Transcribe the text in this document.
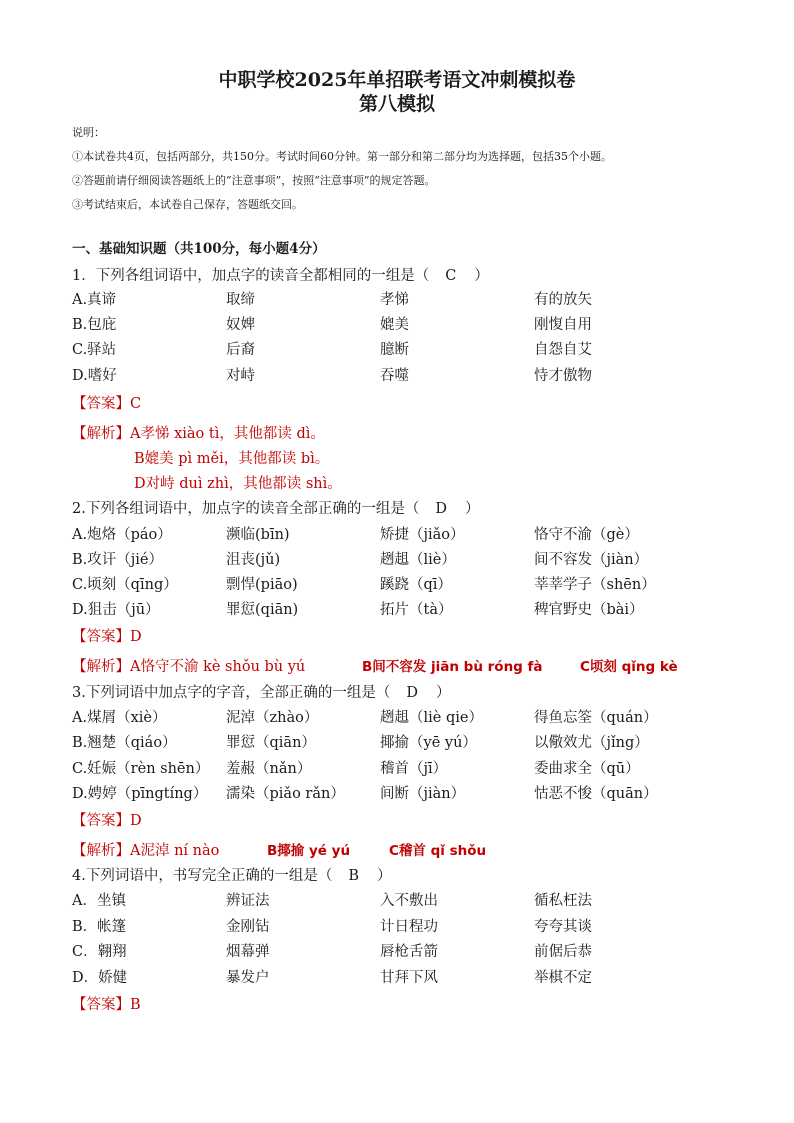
中职学校2025年单招联考语文冲刺模拟卷
第八模拟
说明：
①本试卷共4页，包括两部分，共150分。考试时间60分钟。第一部分和第二部分均为选择题，包括35个小题。
②答题前请仔细阅读答题纸上的“注意事项”，按照“注意事项”的规定答题。
③考试结束后，本试卷自己保存，答题纸交回。
一、基础知识题（共100分，每小题4分）
1．下列各组词语中，加点字的读音全都相同的一组是（ C ）
A.真谛	取缔	孝悌	有的放矢
B.包庇	奴婢	媲美	刚愎自用
C.驿站	后裔	臆断	自怨自艾
D.嗜好	对峙	吞噬	恃才傲物
【答案】C
【解析】A孝悌 xiào tì，其他都读 dì。
B媲美 pì měi，其他都读 bì。
D对峙 duì zhì，其他都读 shì。
2.下列各组词语中，加点字的读音全部正确的一组是（ D ）
A.炮烙（páo）	濒临(bīn)	矫捷（jiǎo）	恪守不渝（gè）
B.攻讦（jié）	沮丧(jǔ)	趔趄（liè）	间不容发（jiàn）
C.顷刻（qīng）	剽悍(piāo)	蹊跷（qī）	莘莘学子（shēn）
D.狙击（jū）	罪愆(qiān)	拓片（tà）	稗官野史（bài）
【答案】D
【解析】A恪守不渝 kè shǒu bù yú	B间不容发 jiān bù róng fà	C顷刻 qǐng kè
3.下列词语中加点字的字音，全部正确的一组是（ D ）
A.煤屑（xiè）	泥淖（zhào）	趔趄（liè qie）	得鱼忘筌（quán）
B.翘楚（qiáo）	罪愆（qiān）	揶揄（yē yú）	以儆效尤（jǐng）
C.妊娠（rèn shēn） 羞赧（nǎn）	稽首（jī）	委曲求全（qū）
D.娉婷（pīngtíng） 濡染（piǎo rǎn） 间断（jiàn）	怙恶不悛（quān）
【答案】D
【解析】A泥淖 ní nào	B揶揄 yé yú	C稽首 qǐ shǒu
4.下列词语中，书写完全正确的一组是（ B ）
A．坐镇	辨证法	入不敷出	循私枉法
B．帐篷	金刚钻	计日程功	夸夸其谈
C．翱翔	烟幕弹	唇枪舌箭	前倨后恭
D．娇健	暴发户	甘拜下风	举棋不定
【答案】B
